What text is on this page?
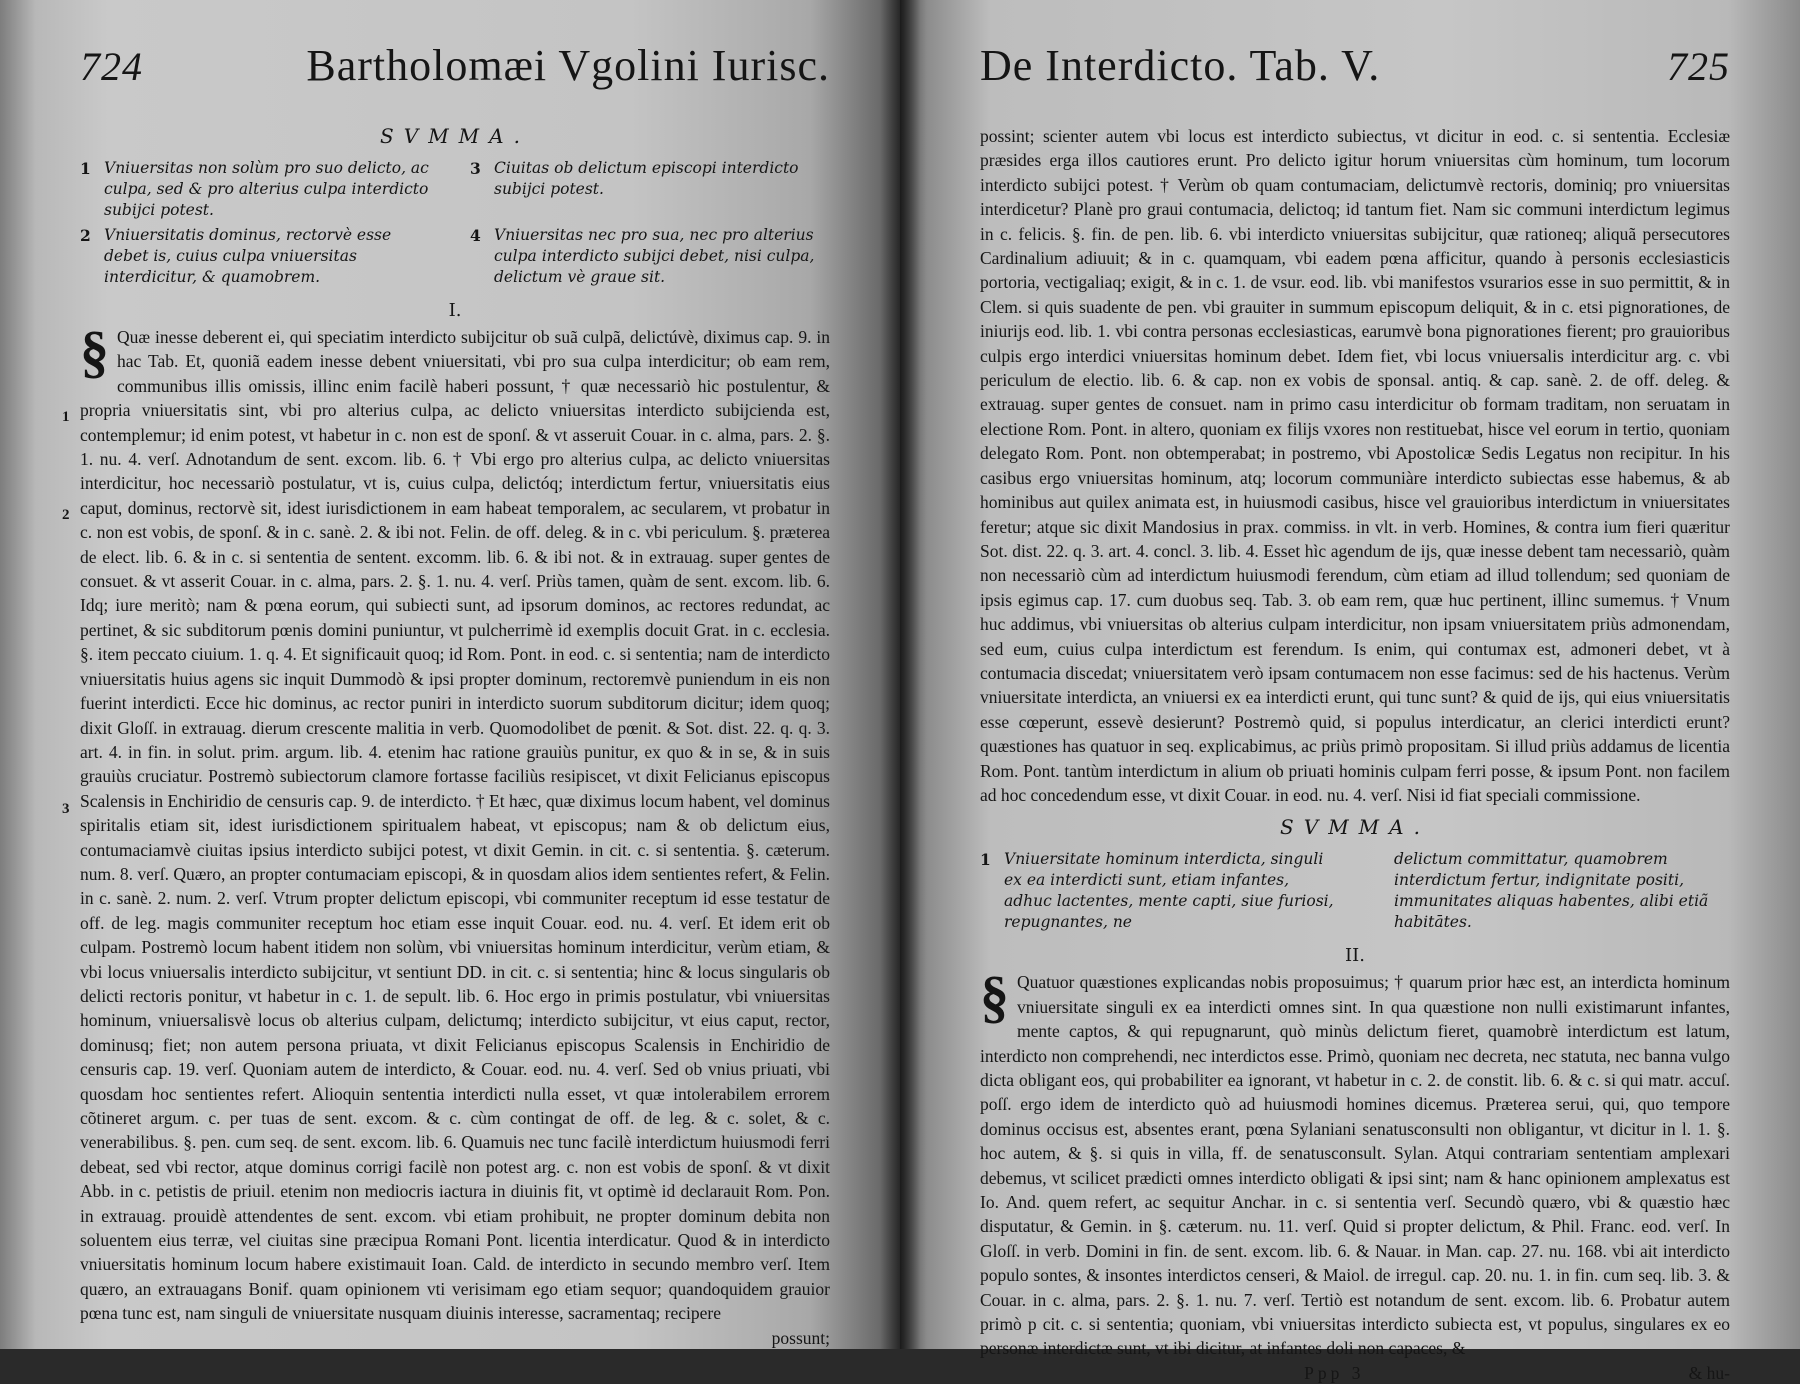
724	Bartholomæi Vgolini Iurisc.
SVMMA.
1 Vniuersitas non solùm pro suo delicto, ac culpa, sed & pro alterius culpa interdicto subijci potest.
3 Ciuitas ob delictum episcopi interdicto subijci potest.
2 Vniuersitatis dominus, rectorvè esse debet is, cuius culpa vniuersitas interdicitur, & quamobrem.
4 Vniuersitas nec pro sua, nec pro alterius culpa interdicto subijci debet, nisi culpa, delictum vè graue sit.
I.
1
2
3
§ Quæ inesse deberent ei, qui speciatim interdicto subijcitur ob suã culpã, delictúvè, diximus cap. 9. in hac Tab. Et, quoniã eadem inesse debent vniuersitati, vbi pro sua culpa interdicitur; ob eam rem, communibus illis omissis, illinc enim facilè haberi possunt, † quæ necessariò hic postulentur, & propria vniuersitatis sint, vbi pro alterius culpa, ac delicto vniuersitas interdicto subijcienda est, contemplemur; id enim potest, vt habetur in c. non est de sponſ. & vt asseruit Couar. in c. alma, pars. 2. §. 1. nu. 4. verſ. Adnotandum de sent. excom. lib. 6. † Vbi ergo pro alterius culpa, ac delicto vniuersitas interdicitur, hoc necessariò postulatur, vt is, cuius culpa, delictóq; interdictum fertur, vniuersitatis eius caput, dominus, rectorvè sit, idest iurisdictionem in eam habeat temporalem, ac secularem, vt probatur in c. non est vobis, de sponſ. & in c. sanè. 2. & ibi not. Felin. de off. deleg. & in c. vbi periculum. §. præterea de elect. lib. 6. & in c. si sententia de sentent. excomm. lib. 6. & ibi not. & in extrauag. super gentes de consuet. & vt asserit Couar. in c. alma, pars. 2. §. 1. nu. 4. verſ. Priùs tamen, quàm de sent. excom. lib. 6. Idq; iure meritò; nam & pœna eorum, qui subiecti sunt, ad ipsorum dominos, ac rectores redundat, ac pertinet, & sic subditorum pœnis domini puniuntur, vt pulcherrimè id exemplis docuit Grat. in c. ecclesia. §. item peccato ciuium. 1. q. 4. Et significauit quoq; id Rom. Pont. in eod. c. si sententia; nam de interdicto vniuersitatis huius agens sic inquit Dummodò & ipsi propter dominum, rectoremvè puniendum in eis non fuerint interdicti. Ecce hic dominus, ac rector puniri in interdicto suorum subditorum dicitur; idem quoq; dixit Gloſſ. in extrauag. dierum crescente malitia in verb. Quomodolibet de pœnit. & Sot. dist. 22. q. q. 3. art. 4. in fin. in solut. prim. argum. lib. 4. etenim hac ratione grauiùs punitur, ex quo & in se, & in suis grauiùs cruciatur. Postremò subiectorum clamore fortasse faciliùs resipiscet, vt dixit Felicianus episcopus Scalensis in Enchiridio de censuris cap. 9. de interdicto. † Et hæc, quæ diximus locum habent, vel dominus spiritalis etiam sit, idest iurisdictionem spiritualem habeat, vt episcopus; nam & ob delictum eius, contumaciamvè ciuitas ipsius interdicto subijci potest, vt dixit Gemin. in cit. c. si sententia. §. cæterum. num. 8. verſ. Quæro, an propter contumaciam episcopi, & in quosdam alios idem sentientes refert, & Felin. in c. sanè. 2. num. 2. verſ. Vtrum propter delictum episcopi, vbi communiter receptum id esse testatur de off. de leg. magis communiter receptum hoc etiam esse inquit Couar. eod. nu. 4. verſ. Et idem erit ob culpam. Postremò locum habent itidem non solùm, vbi vniuersitas hominum interdicitur, verùm etiam, & vbi locus vniuersalis interdicto subijcitur, vt sentiunt DD. in cit. c. si sententia; hinc & locus singularis ob delicti rectoris ponitur, vt habetur in c. 1. de sepult. lib. 6. Hoc ergo in primis postulatur, vbi vniuersitas hominum, vniuersalisvè locus ob alterius culpam, delictumq; interdicto subijcitur, vt eius caput, rector, dominusq; fiet; non autem persona priuata, vt dixit Felicianus episcopus Scalensis in Enchiridio de censuris cap. 19. verſ. Quoniam autem de interdicto, & Couar. eod. nu. 4. verſ. Sed ob vnius priuati, vbi quosdam hoc sentientes refert. Alioquin sententia interdicti nulla esset, vt quæ intolerabilem errorem cõtineret argum. c. per tuas de sent. excom. & c. cùm contingat de off. de leg. & c. solet, & c. venerabilibus. §. pen. cum seq. de sent. excom. lib. 6. Quamuis nec tunc facilè interdictum huiusmodi ferri debeat, sed vbi rector, atque dominus corrigi facilè non potest arg. c. non est vobis de sponſ. & vt dixit Abb. in c. petistis de priuil. etenim non mediocris iactura in diuinis fit, vt optimè id declarauit Rom. Pon. in extrauag. prouidè attendentes de sent. excom. vbi etiam prohibuit, ne propter dominum debita non soluentem eius terræ, vel ciuitas sine præcipua Romani Pont. licentia interdicatur. Quod & in interdicto vniuersitatis hominum locum habere existimauit Ioan. Cald. de interdicto in secundo membro verſ. Item quæro, an extrauagans Bonif. quam opinionem vti verisimam ego etiam sequor; quandoquidem grauior pœna tunc est, nam singuli de vniuersitate nusquam diuinis interesse, sacramentaq; recipere

possunt;
De Interdicto. Tab. V.	725

possint; scienter autem vbi locus est interdicto subiectus, vt dicitur in eod. c. si sententia. Ecclesiæ præsides erga illos cautiores erunt. Pro delicto igitur horum vniuersitas cùm hominum, tum locorum interdicto subijci potest. † Verùm ob quam contumaciam, delictumvè rectoris, dominiq; pro vniuersitas interdicetur? Planè pro graui contumacia, delictoq; id tantum fiet. Nam sic communi interdictum legimus in c. felicis. §. fin. de pen. lib. 6. vbi interdicto vniuersitas subijcitur, quæ rationeq; aliquã persecutores Cardinalium adiuuit; & in c. quamquam, vbi eadem pœna afficitur, quando à personis ecclesiasticis portoria, vectigaliaq; exigit, & in c. 1. de vsur. eod. lib. vbi manifestos vsurarios esse in suo permittit, & in Clem. si quis suadente de pen. vbi grauiter in summum episcopum deliquit, & in c. etsi pignorationes, de iniurijs eod. lib. 1. vbi contra personas ecclesiasticas, earumvè bona pignorationes fierent; pro grauioribus culpis ergo interdici vniuersitas hominum debet. Idem fiet, vbi locus vniuersalis interdicitur arg. c. vbi periculum de electio. lib. 6. & cap. non ex vobis de sponsal. antiq. & cap. sanè. 2. de off. deleg. & extrauag. super gentes de consuet. nam in primo casu interdicitur ob formam traditam, non seruatam in electione Rom. Pont. in altero, quoniam ex filijs vxores non restituebat, hisce vel eorum in tertio, quoniam delegato Rom. Pont. non obtemperabat; in postremo, vbi Apostolicæ Sedis Legatus non recipitur. In his casibus ergo vniuersitas hominum, atq; locorum communiàre interdicto subiectas esse habemus, & ab hominibus aut quilex animata est, in huiusmodi casibus, hisce vel grauioribus interdictum in vniuersitates feretur; atque sic dixit Mandosius in prax. commiss. in vlt. in verb. Homines, & contra ium fieri quæritur Sot. dist. 22. q. 3. art. 4. concl. 3. lib. 4. Esset hìc agendum de ijs, quæ inesse debent tam necessariò, quàm non necessariò cùm ad interdictum huiusmodi ferendum, cùm etiam ad illud tollendum; sed quoniam de ipsis egimus cap. 17. cum duobus seq. Tab. 3. ob eam rem, quæ huc pertinent, illinc sumemus. † Vnum huc addimus, vbi vniuersitas ob alterius culpam interdicitur, non ipsam vniuersitatem priùs admonendam, sed eum, cuius culpa interdictum est ferendum. Is enim, qui contumax est, admoneri debet, vt à contumacia discedat; vniuersitatem verò ipsam contumacem non esse facimus: sed de his hactenus. Verùm vniuersitate interdicta, an vniuersi ex ea interdicti erunt, qui tunc sunt? & quid de ijs, qui eius vniuersitatis esse cœperunt, essevè desierunt? Postremò quid, si populus interdicatur, an clerici interdicti erunt? quæstiones has quatuor in seq. explicabimus, ac priùs primò propositam. Si illud priùs addamus de licentia Rom. Pont. tantùm interdictum in alium ob priuati hominis culpam ferri posse, & ipsum Pont. non facilem ad hoc concedendum esse, vt dixit Couar. in eod. nu. 4. verſ. Nisi id fiat speciali commissione.

SVMMA.
1 Vniuersitate hominum interdicta, singuli ex ea interdicti sunt, etiam infantes, adhuc lactentes, mente capti, siue furiosi, repugnantes, ne
delictum committatur, quamobrem interdictum fertur, indignitate positi, immunitates aliquas habentes, alibi etiã habitātes.
II.
§ Quatuor quæstiones explicandas nobis proposuimus; † quarum prior hæc est, an interdicta hominum vniuersitate singuli ex ea interdicti omnes sint. In qua quæstione non nulli existimarunt infantes, mente captos, & qui repugnarunt, quò minùs delictum fieret, quamobrè interdictum est latum, interdicto non comprehendi, nec interdictos esse. Primò, quoniam nec decreta, nec statuta, nec banna vulgo dicta obligant eos, qui probabiliter ea ignorant, vt habetur in c. 2. de constit. lib. 6. & c. si qui matr. accuſ. poſſ. ergo idem de interdicto quò ad huiusmodi homines dicemus. Præterea serui, qui, quo tempore dominus occisus est, absentes erant, pœna Sylaniani senatusconsulti non obligantur, vt dicitur in l. 1. §. hoc autem, & §. si quis in villa, ff. de senatusconsult. Sylan. Atqui contrariam sententiam amplexari debemus, vt scilicet prædicti omnes interdicto obligati & ipsi sint; nam & hanc opinionem amplexatus est Io. And. quem refert, ac sequitur Anchar. in c. si sententia verſ. Secundò quæro, vbi & quæstio hæc disputatur, & Gemin. in §. cæterum. nu. 11. verſ. Quid si propter delictum, & Phil. Franc. eod. verſ. In Gloſſ. in verb. Domini in fin. de sent. excom. lib. 6. & Nauar. in Man. cap. 27. nu. 168. vbi ait interdicto populo sontes, & insontes interdictos censeri, & Maiol. de irregul. cap. 20. nu. 1. in fin. cum seq. lib. 3. & Couar. in c. alma, pars. 2. §. 1. nu. 7. verſ. Tertiò est notandum de sent. excom. lib. 6. Probatur autem primò p cit. c. si sententia; quoniam, vbi vniuersitas interdicto subiecta est, vt populus, singulares ex eo personæ interdictæ sunt, vt ibi dicitur, at infantes doli non capaces, &

Ppp 3	& hu-
